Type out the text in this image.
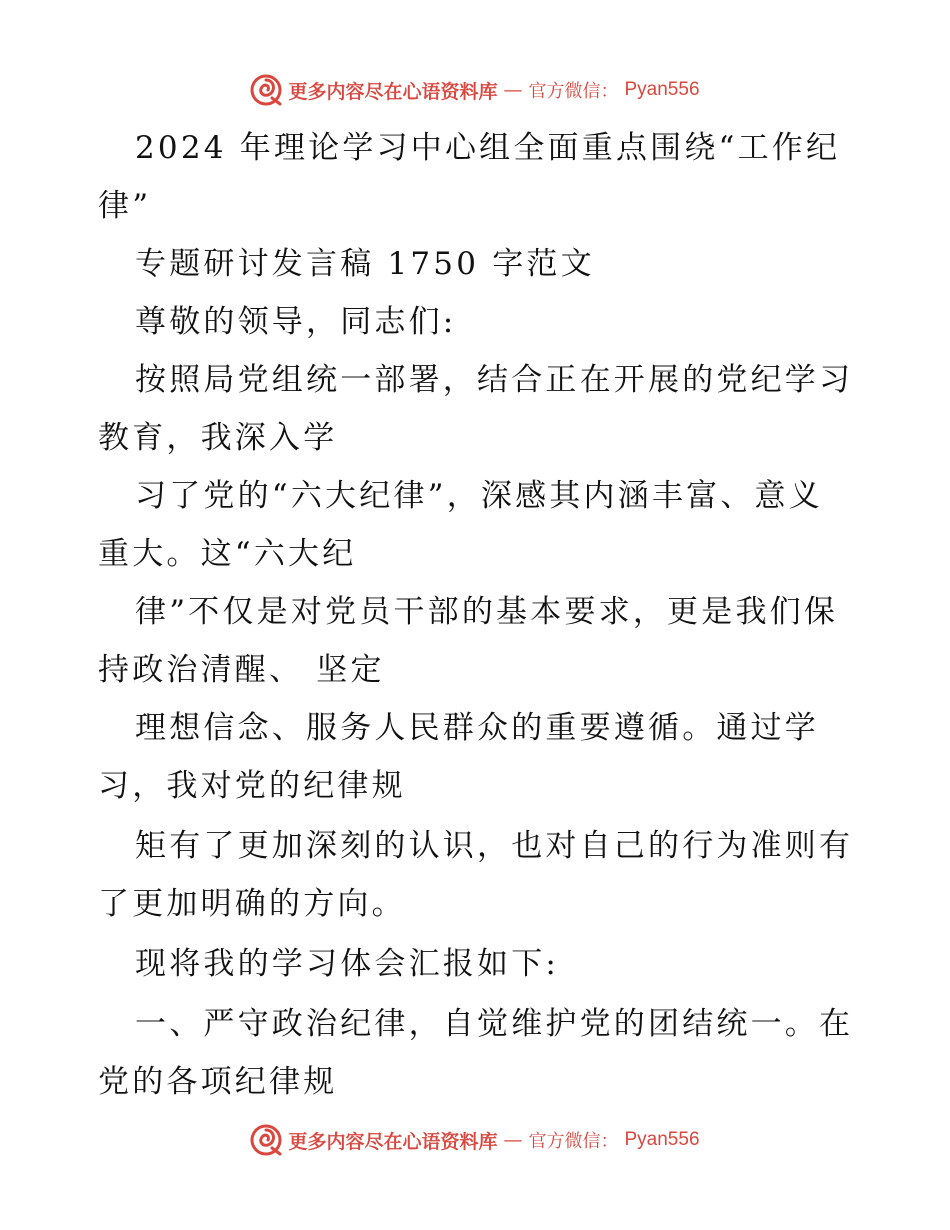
更多内容尽在心语资料库 — 官方微信： Pyan556
2024 年理论学习中心组全面重点围绕“工作纪
律”
专题研讨发言稿 1750 字范文
尊敬的领导，同志们:
按照局党组统一部署，结合正在开展的党纪学习
教育，我深入学
习了党的“六大纪律”，深感其内涵丰富、意义
重大。这“六大纪
律”不仅是对党员干部的基本要求，更是我们保
持政治清醒、 坚定
理想信念、服务人民群众的重要遵循。通过学
习，我对党的纪律规
矩有了更加深刻的认识，也对自己的行为准则有
了更加明确的方向。
现将我的学习体会汇报如下:
一、严守政治纪律，自觉维护党的团结统一。在
党的各项纪律规
更多内容尽在心语资料库 — 官方微信： Pyan556
